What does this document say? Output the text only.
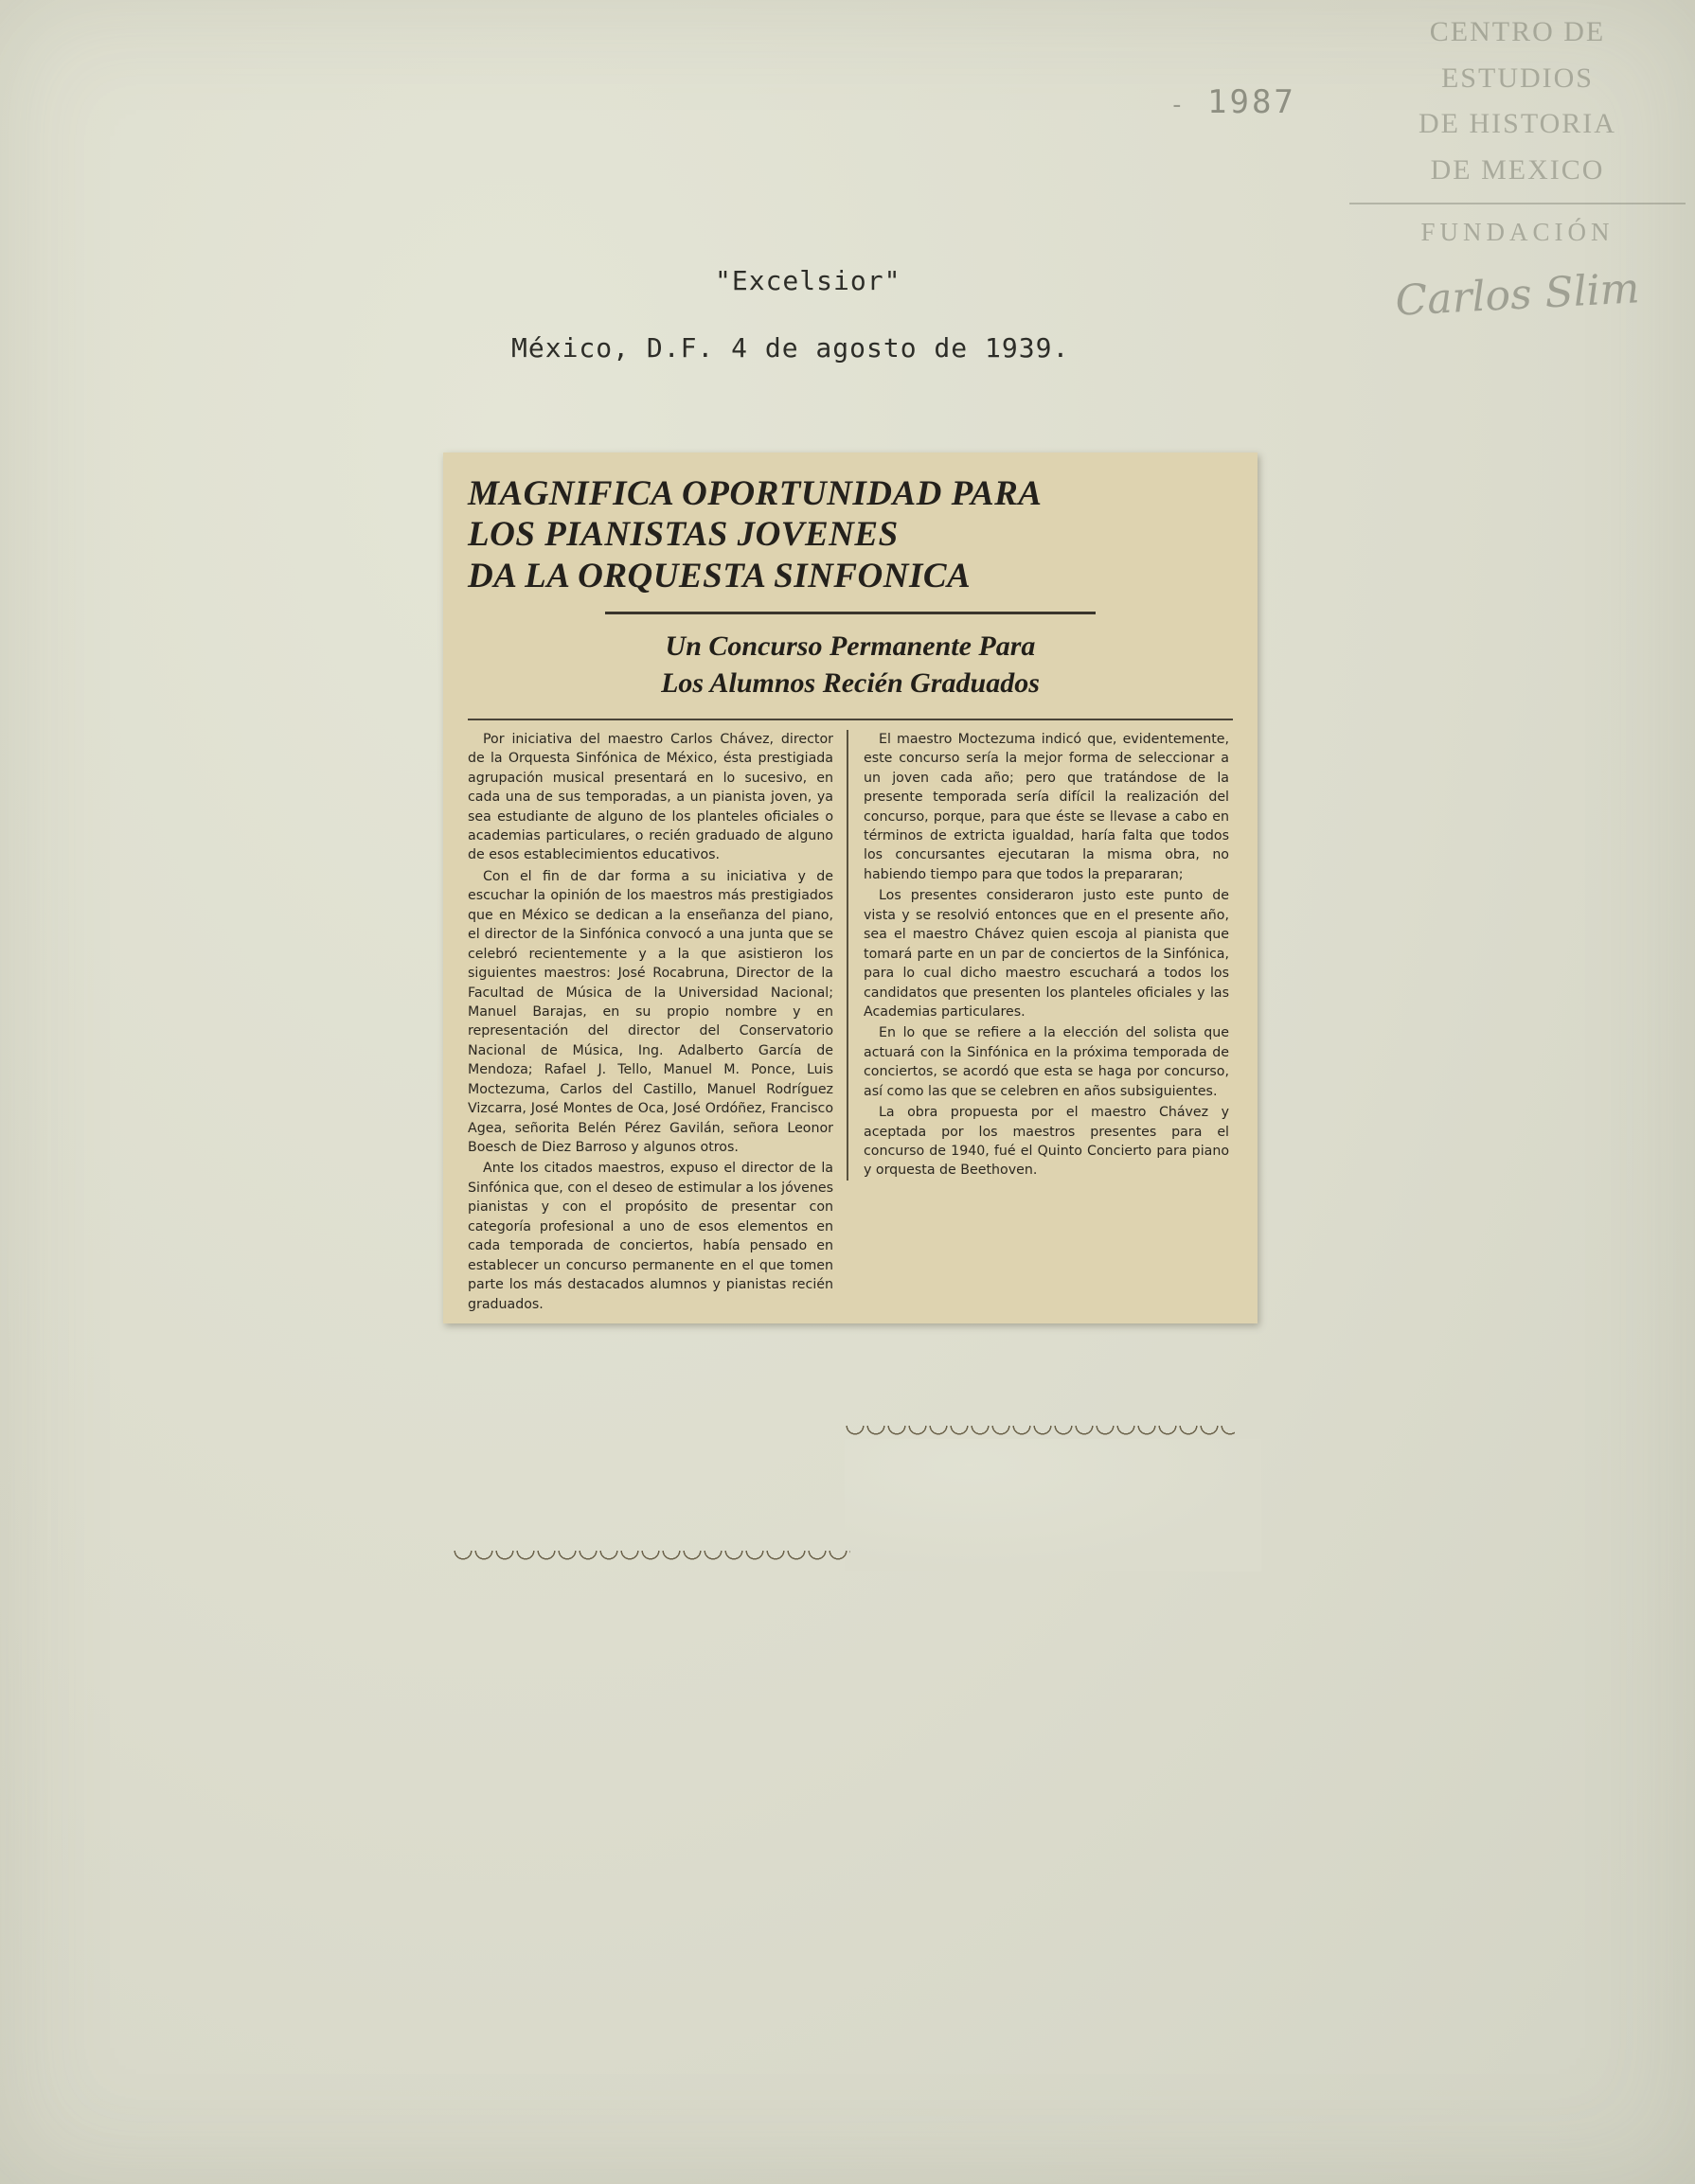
CENTRO DE
ESTUDIOS
DE HISTORIA
DE MEXICO
FUNDACIÓN
Carlos Slim
- 1987
"Excelsior"
México, D.F. 4 de agosto de 1939.
MAGNIFICA OPORTUNIDAD PARA
LOS PIANISTAS JOVENES
DA LA ORQUESTA SINFONICA
Un Concurso Permanente Para
Los Alumnos Recién Graduados

Por iniciativa del maestro Carlos Chávez, director de la Orquesta Sinfónica de México, ésta prestigiada agrupación musical presentará en lo sucesivo, en cada una de sus temporadas, a un pianista joven, ya sea estudiante de alguno de los planteles oficiales o academias particulares, o recién graduado de alguno de esos establecimientos educativos.

Con el fin de dar forma a su iniciativa y de escuchar la opinión de los maestros más prestigiados que en México se dedican a la enseñanza del piano, el director de la Sinfónica convocó a una junta que se celebró recientemente y a la que asistieron los siguientes maestros: José Rocabruna, Director de la Facultad de Música de la Universidad Nacional; Manuel Barajas, en su propio nombre y en representación del director del Conservatorio Nacional de Música, Ing. Adalberto García de Mendoza; Rafael J. Tello, Manuel M. Ponce, Luis Moctezuma, Carlos del Castillo, Manuel Rodríguez Vizcarra, José Montes de Oca, José Ordóñez, Francisco Agea, señorita Belén Pérez Gavilán, señora Leonor Boesch de Diez Barroso y algunos otros.

Ante los citados maestros, expuso el director de la Sinfónica que, con el deseo de estimular a los jóvenes pianistas y con el propósito de presentar con categoría profesional a uno de esos elementos en cada temporada de conciertos, había pensado en establecer un concurso permanente en el que tomen parte los más destacados alumnos y pianistas recién graduados.

El maestro Moctezuma indicó que, evidentemente, este concurso sería la mejor forma de seleccionar a un joven cada año; pero que tratándose de la presente temporada sería difícil la realización del concurso, porque, para que éste se llevase a cabo en términos de extricta igualdad, haría falta que todos los concursantes ejecutaran la misma obra, no habiendo tiempo para que todos la prepararan;

Los presentes consideraron justo este punto de vista y se resolvió entonces que en el presente año, sea el maestro Chávez quien escoja al pianista que tomará parte en un par de conciertos de la Sinfónica, para lo cual dicho maestro escuchará a todos los candidatos que presenten los planteles oficiales y las Academias particulares.

En lo que se refiere a la elección del solista que actuará con la Sinfónica en la próxima temporada de conciertos, se acordó que esta se haga por concurso, así como las que se celebren en años subsiguientes.

La obra propuesta por el maestro Chávez y aceptada por los maestros presentes para el concurso de 1940, fué el Quinto Concierto para piano y orquesta de Beethoven.
